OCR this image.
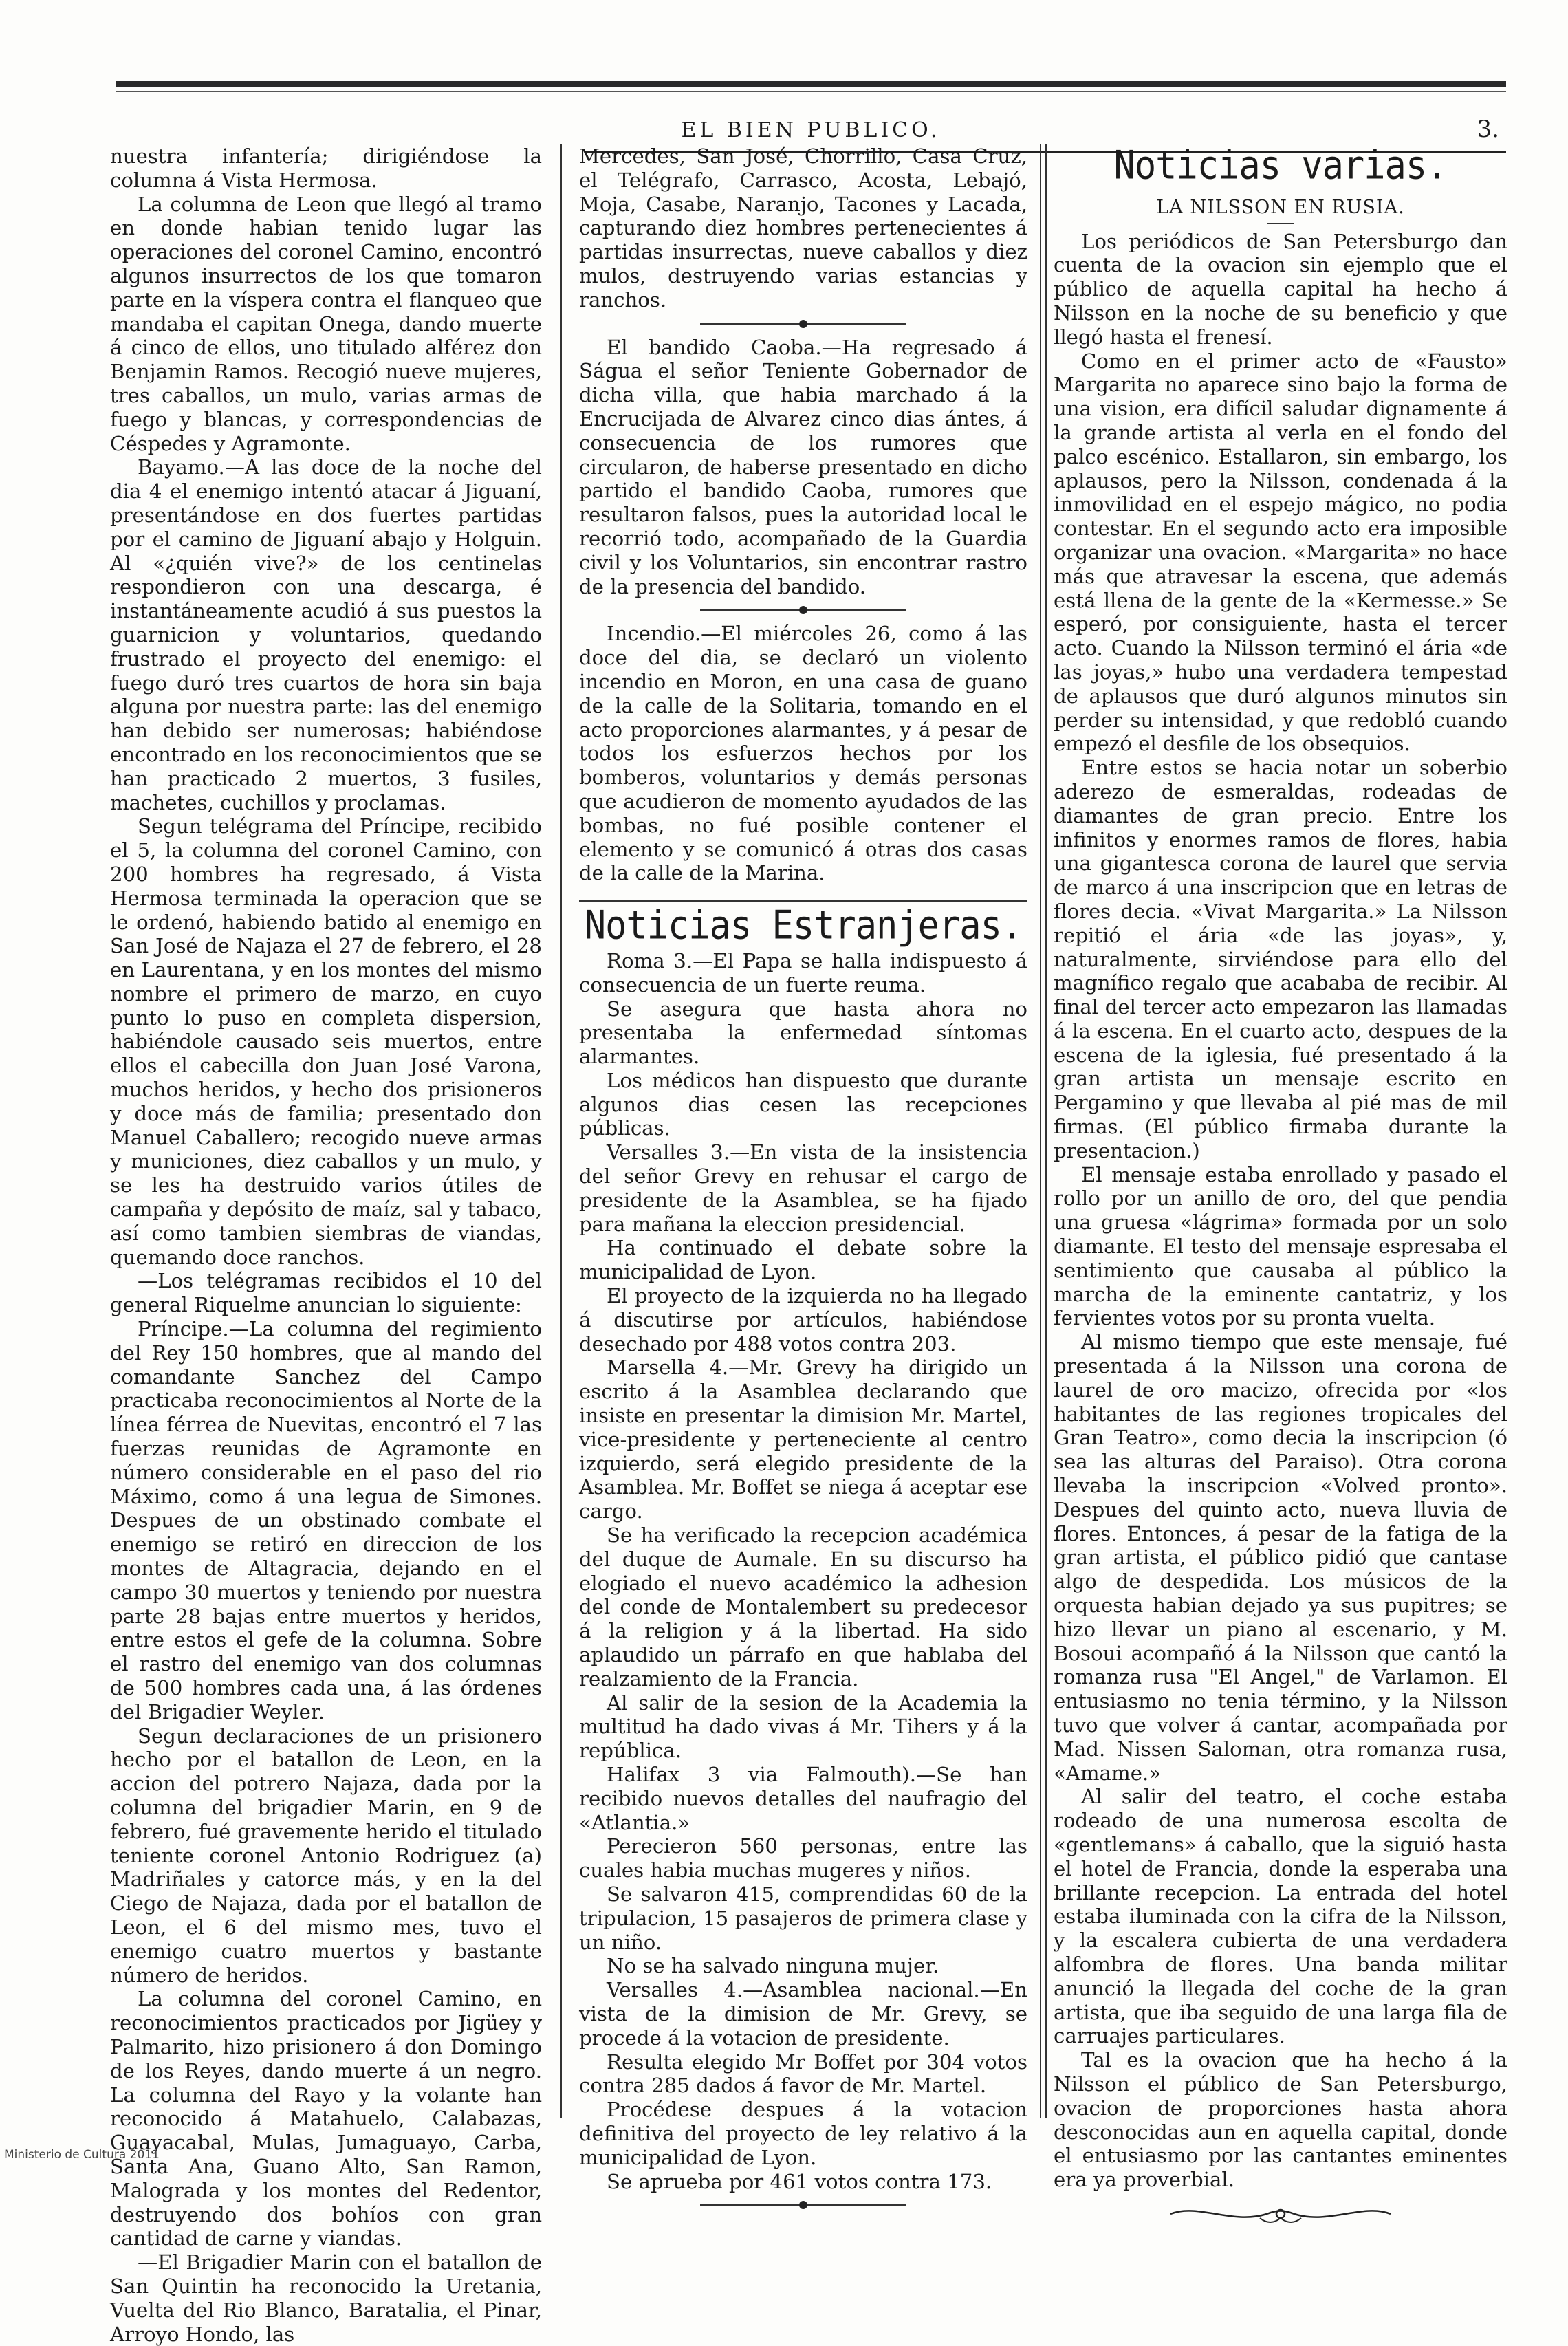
EL BIEN PUBLICO.	3.

nuestra infantería; dirigiéndose la columna á Vista Hermosa.

La columna de Leon que llegó al tramo en donde habian tenido lugar las operaciones del coronel Camino, encontró algunos insurrectos de los que tomaron parte en la víspera contra el flanqueo que mandaba el capitan Onega, dando muerte á cinco de ellos, uno titulado alférez don Benjamin Ramos. Recogió nueve mujeres, tres caballos, un mulo, varias armas de fuego y blancas, y correspondencias de Céspedes y Agramonte.

Bayamo.—A las doce de la noche del dia 4 el enemigo intentó atacar á Jiguaní, presentándose en dos fuertes partidas por el camino de Jiguaní abajo y Holguin. Al «¿quién vive?» de los centinelas respondieron con una descarga, é instantáneamente acudió á sus puestos la guarnicion y voluntarios, quedando frustrado el proyecto del enemigo: el fuego duró tres cuartos de hora sin baja alguna por nuestra parte: las del enemigo han debido ser numerosas; habiéndose encontrado en los reconocimientos que se han practicado 2 muertos, 3 fusiles, machetes, cuchillos y proclamas.

Segun telégrama del Príncipe, recibido el 5, la columna del coronel Camino, con 200 hombres ha regresado, á Vista Hermosa terminada la operacion que se le ordenó, habiendo batido al enemigo en San José de Najaza el 27 de febrero, el 28 en Laurentana, y en los montes del mismo nombre el primero de marzo, en cuyo punto lo puso en completa dispersion, habiéndole causado seis muertos, entre ellos el cabecilla don Juan José Varona, muchos heridos, y hecho dos prisioneros y doce más de familia; presentado don Manuel Caballero; recogido nueve armas y municiones, diez caballos y un mulo, y se les ha destruido varios útiles de campaña y depósito de maíz, sal y tabaco, así como tambien siembras de viandas, quemando doce ranchos.

—Los telégramas recibidos el 10 del general Riquelme anuncian lo siguiente:

Príncipe.—La columna del regimiento del Rey 150 hombres, que al mando del comandante Sanchez del Campo practicaba reconocimientos al Norte de la línea férrea de Nuevitas, encontró el 7 las fuerzas reunidas de Agramonte en número considerable en el paso del rio Máximo, como á una legua de Simones. Despues de un obstinado combate el enemigo se retiró en direccion de los montes de Altagracia, dejando en el campo 30 muertos y teniendo por nuestra parte 28 bajas entre muertos y heridos, entre estos el gefe de la columna. Sobre el rastro del enemigo van dos columnas de 500 hombres cada una, á las órdenes del Brigadier Weyler.

Segun declaraciones de un prisionero hecho por el batallon de Leon, en la accion del potrero Najaza, dada por la columna del brigadier Marin, en 9 de febrero, fué gravemente herido el titulado teniente coronel Antonio Rodriguez (a) Madriñales y catorce más, y en la del Ciego de Najaza, dada por el batallon de Leon, el 6 del mismo mes, tuvo el enemigo cuatro muertos y bastante número de heridos.

La columna del coronel Camino, en reconocimientos practicados por Jigüey y Palmarito, hizo prisionero á don Domingo de los Reyes, dando muerte á un negro. La columna del Rayo y la volante han reconocido á Matahuelo, Calabazas, Guayacabal, Mulas, Jumaguayo, Carba, Santa Ana, Guano Alto, San Ramon, Malograda y los montes del Redentor, destruyendo dos bohíos con gran cantidad de carne y viandas.

—El Brigadier Marin con el batallon de San Quintin ha reconocido la Uretania, Vuelta del Rio Blanco, Baratalia, el Pinar, Arroyo Hondo, las

Mercedes, San José, Chorrillo, Casa Cruz, el Telégrafo, Carrasco, Acosta, Lebajó, Moja, Casabe, Naranjo, Tacones y Lacada, capturando diez hombres pertenecientes á partidas insurrectas, nueve caballos y diez mulos, destruyendo varias estancias y ranchos.

El bandido Caoba.—Ha regresado á Ságua el señor Teniente Gobernador de dicha villa, que habia marchado á la Encrucijada de Alvarez cinco dias ántes, á consecuencia de los rumores que circularon, de haberse presentado en dicho partido el bandido Caoba, rumores que resultaron falsos, pues la autoridad local le recorrió todo, acompañado de la Guardia civil y los Voluntarios, sin encontrar rastro de la presencia del bandido.

Incendio.—El miércoles 26, como á las doce del dia, se declaró un violento incendio en Moron, en una casa de guano de la calle de la Solitaria, tomando en el acto proporciones alarmantes, y á pesar de todos los esfuerzos hechos por los bomberos, voluntarios y demás personas que acudieron de momento ayudados de las bombas, no fué posible contener el elemento y se comunicó á otras dos casas de la calle de la Marina.

Noticias Estranjeras.

Roma 3.—El Papa se halla indispuesto á consecuencia de un fuerte reuma.

Se asegura que hasta ahora no presentaba la enfermedad síntomas alarmantes.

Los médicos han dispuesto que durante algunos dias cesen las recepciones públicas.

Versalles 3.—En vista de la insistencia del señor Grevy en rehusar el cargo de presidente de la Asamblea, se ha fijado para mañana la eleccion presidencial.

Ha continuado el debate sobre la municipalidad de Lyon.

El proyecto de la izquierda no ha llegado á discutirse por artículos, habiéndose desechado por 488 votos contra 203.

Marsella 4.—Mr. Grevy ha dirigido un escrito á la Asamblea declarando que insiste en presentar la dimision Mr. Martel, vice-presidente y perteneciente al centro izquierdo, será elegido presidente de la Asamblea. Mr. Boffet se niega á aceptar ese cargo.

Se ha verificado la recepcion académica del duque de Aumale. En su discurso ha elogiado el nuevo académico la adhesion del conde de Montalembert su predecesor á la religion y á la libertad. Ha sido aplaudido un párrafo en que hablaba del realzamiento de la Francia.

Al salir de la sesion de la Academia la multitud ha dado vivas á Mr. Tihers y á la república.

Halifax 3 via Falmouth).—Se han recibido nuevos detalles del naufragio del «Atlantia.»

Perecieron 560 personas, entre las cuales habia muchas mugeres y niños.

Se salvaron 415, comprendidas 60 de la tripulacion, 15 pasajeros de primera clase y un niño.

No se ha salvado ninguna mujer.

Versalles 4.—Asamblea nacional.—En vista de la dimision de Mr. Grevy, se procede á la votacion de presidente.

Resulta elegido Mr Boffet por 304 votos contra 285 dados á favor de Mr. Martel.

Procédese despues á la votacion definitiva del proyecto de ley relativo á la municipalidad de Lyon.

Se aprueba por 461 votos contra 173.

Noticias varias.
LA NILSSON EN RUSIA.

Los periódicos de San Petersburgo dan cuenta de la ovacion sin ejemplo que el público de aquella capital ha hecho á Nilsson en la noche de su beneficio y que llegó hasta el frenesí.

Como en el primer acto de «Fausto» Margarita no aparece sino bajo la forma de una vision, era difícil saludar dignamente á la grande artista al verla en el fondo del palco escénico. Estallaron, sin embargo, los aplausos, pero la Nilsson, condenada á la inmovilidad en el espejo mágico, no podia contestar. En el segundo acto era imposible organizar una ovacion. «Margarita» no hace más que atravesar la escena, que además está llena de la gente de la «Kermesse.» Se esperó, por consiguiente, hasta el tercer acto. Cuando la Nilsson terminó el ária «de las joyas,» hubo una verdadera tempestad de aplausos que duró algunos minutos sin perder su intensidad, y que redobló cuando empezó el desfile de los obsequios.

Entre estos se hacia notar un soberbio aderezo de esmeraldas, rodeadas de diamantes de gran precio. Entre los infinitos y enormes ramos de flores, habia una gigantesca corona de laurel que servia de marco á una inscripcion que en letras de flores decia. «Vivat Margarita.» La Nilsson repitió el ária «de las joyas», y, naturalmente, sirviéndose para ello del magnífico regalo que acababa de recibir. Al final del tercer acto empezaron las llamadas á la escena. En el cuarto acto, despues de la escena de la iglesia, fué presentado á la gran artista un mensaje escrito en Pergamino y que llevaba al pié mas de mil firmas. (El público firmaba durante la presentacion.)

El mensaje estaba enrollado y pasado el rollo por un anillo de oro, del que pendia una gruesa «lágrima» formada por un solo diamante. El testo del mensaje espresaba el sentimiento que causaba al público la marcha de la eminente cantatriz, y los fervientes votos por su pronta vuelta.

Al mismo tiempo que este mensaje, fué presentada á la Nilsson una corona de laurel de oro macizo, ofrecida por «los habitantes de las regiones tropicales del Gran Teatro», como decia la inscripcion (ó sea las alturas del Paraiso). Otra corona llevaba la inscripcion «Volved pronto». Despues del quinto acto, nueva lluvia de flores. Entonces, á pesar de la fatiga de la gran artista, el público pidió que cantase algo de despedida. Los músicos de la orquesta habian dejado ya sus pupitres; se hizo llevar un piano al escenario, y M. Bosoui acompañó á la Nilsson que cantó la romanza rusa "El Angel," de Varlamon. El entusiasmo no tenia término, y la Nilsson tuvo que volver á cantar, acompañada por Mad. Nissen Saloman, otra romanza rusa, «Amame.»

Al salir del teatro, el coche estaba rodeado de una numerosa escolta de «gentlemans» á caballo, que la siguió hasta el hotel de Francia, donde la esperaba una brillante recepcion. La entrada del hotel estaba iluminada con la cifra de la Nilsson, y la escalera cubierta de una verdadera alfombra de flores. Una banda militar anunció la llegada del coche de la gran artista, que iba seguido de una larga fila de carruajes particulares.

Tal es la ovacion que ha hecho á la Nilsson el público de San Petersburgo, ovacion de proporciones hasta ahora desconocidas aun en aquella capital, donde el entusiasmo por las cantantes eminentes era ya proverbial.

Ministerio de Cultura 2011
